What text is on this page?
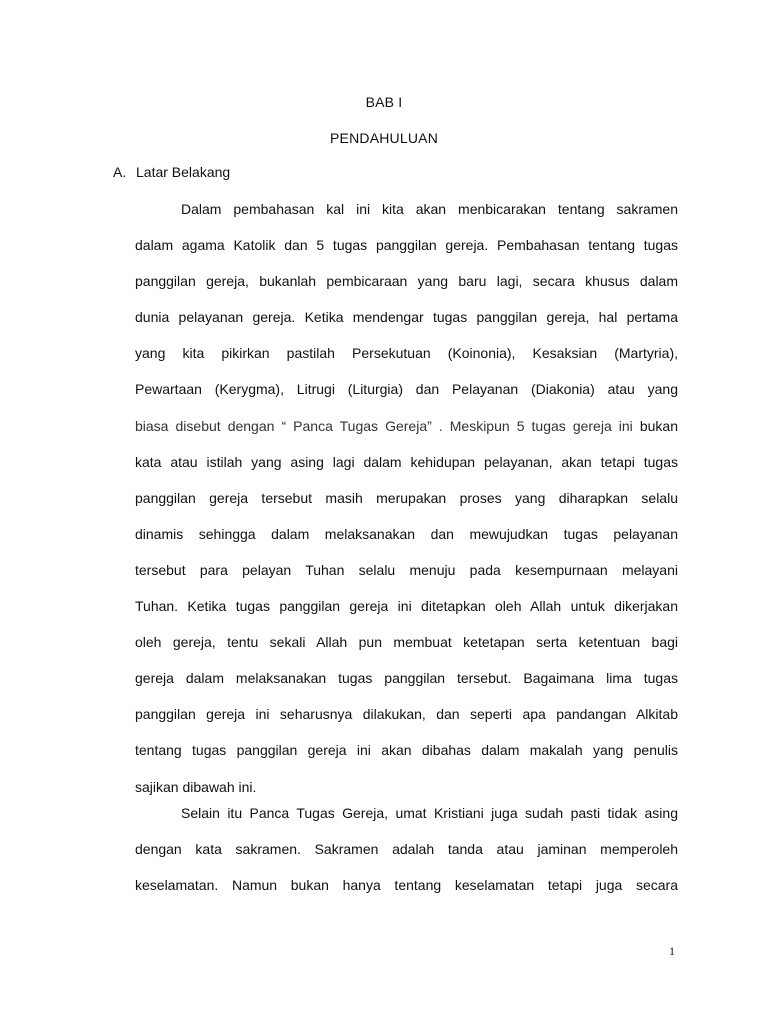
BAB I
PENDAHULUAN
A. Latar Belakang
Dalam pembahasan kal ini kita akan menbicarakan tentang sakramen
dalam agama Katolik dan 5 tugas panggilan gereja. Pembahasan tentang tugas
panggilan gereja, bukanlah pembicaraan yang baru lagi, secara khusus dalam
dunia pelayanan gereja. Ketika mendengar tugas panggilan gereja, hal pertama
yang kita pikirkan pastilah Persekutuan (Koinonia), Kesaksian (Martyria),
Pewartaan (Kerygma), Litrugi (Liturgia) dan Pelayanan (Diakonia) atau yang
biasa disebut dengan “ Panca Tugas Gereja” . Meskipun 5 tugas gereja ini bukan
kata atau istilah yang asing lagi dalam kehidupan pelayanan, akan tetapi tugas
panggilan gereja tersebut masih merupakan proses yang diharapkan selalu
dinamis sehingga dalam melaksanakan dan mewujudkan tugas pelayanan
tersebut para pelayan Tuhan selalu menuju pada kesempurnaan melayani
Tuhan. Ketika tugas panggilan gereja ini ditetapkan oleh Allah untuk dikerjakan
oleh gereja, tentu sekali Allah pun membuat ketetapan serta ketentuan bagi
gereja dalam melaksanakan tugas panggilan tersebut. Bagaimana lima tugas
panggilan gereja ini seharusnya dilakukan, dan seperti apa pandangan Alkitab
tentang tugas panggilan gereja ini akan dibahas dalam makalah yang penulis
sajikan dibawah ini.
Selain itu Panca Tugas Gereja, umat Kristiani juga sudah pasti tidak asing
dengan kata sakramen. Sakramen adalah tanda atau jaminan memperoleh
keselamatan. Namun bukan hanya tentang keselamatan tetapi juga secara
1
